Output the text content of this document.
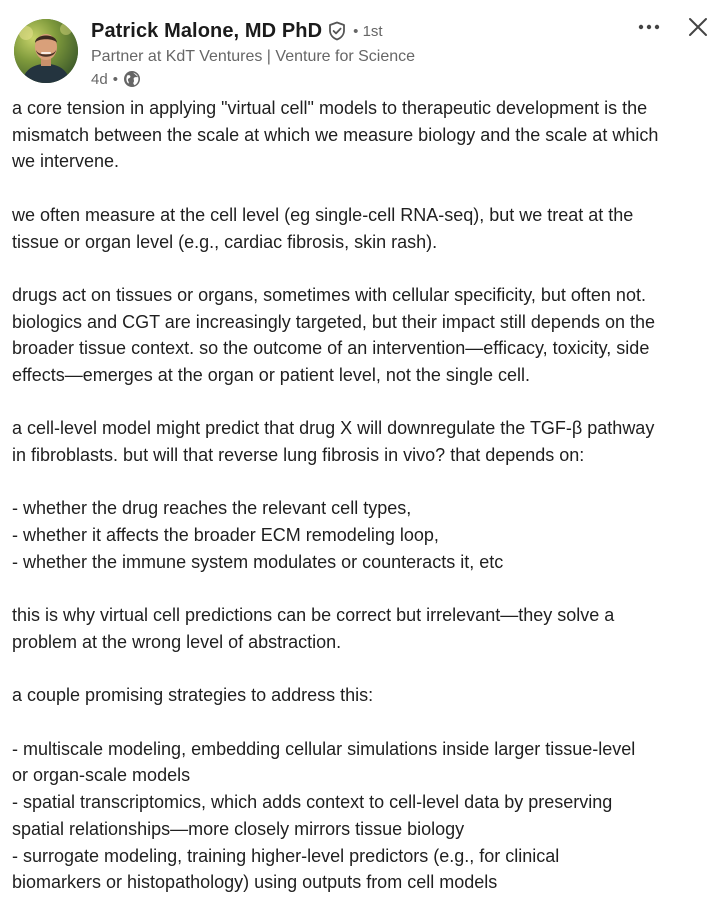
Patrick Malone, MD PhD • 1st
Partner at KdT Ventures | Venture for Science
4d •
a core tension in applying "virtual cell" models to therapeutic development is the
mismatch between the scale at which we measure biology and the scale at which
we intervene.
we often measure at the cell level (eg single-cell RNA-seq), but we treat at the
tissue or organ level (e.g., cardiac fibrosis, skin rash).
drugs act on tissues or organs, sometimes with cellular specificity, but often not.
biologics and CGT are increasingly targeted, but their impact still depends on the
broader tissue context. so the outcome of an intervention—efficacy, toxicity, side
effects—emerges at the organ or patient level, not the single cell.
a cell-level model might predict that drug X will downregulate the TGF-β pathway
in fibroblasts. but will that reverse lung fibrosis in vivo? that depends on:
- whether the drug reaches the relevant cell types,
- whether it affects the broader ECM remodeling loop,
- whether the immune system modulates or counteracts it, etc
this is why virtual cell predictions can be correct but irrelevant—they solve a
problem at the wrong level of abstraction.
a couple promising strategies to address this:
- multiscale modeling, embedding cellular simulations inside larger tissue-level
or organ-scale models
- spatial transcriptomics, which adds context to cell-level data by preserving
spatial relationships—more closely mirrors tissue biology
- surrogate modeling, training higher-level predictors (e.g., for clinical
biomarkers or histopathology) using outputs from cell models
